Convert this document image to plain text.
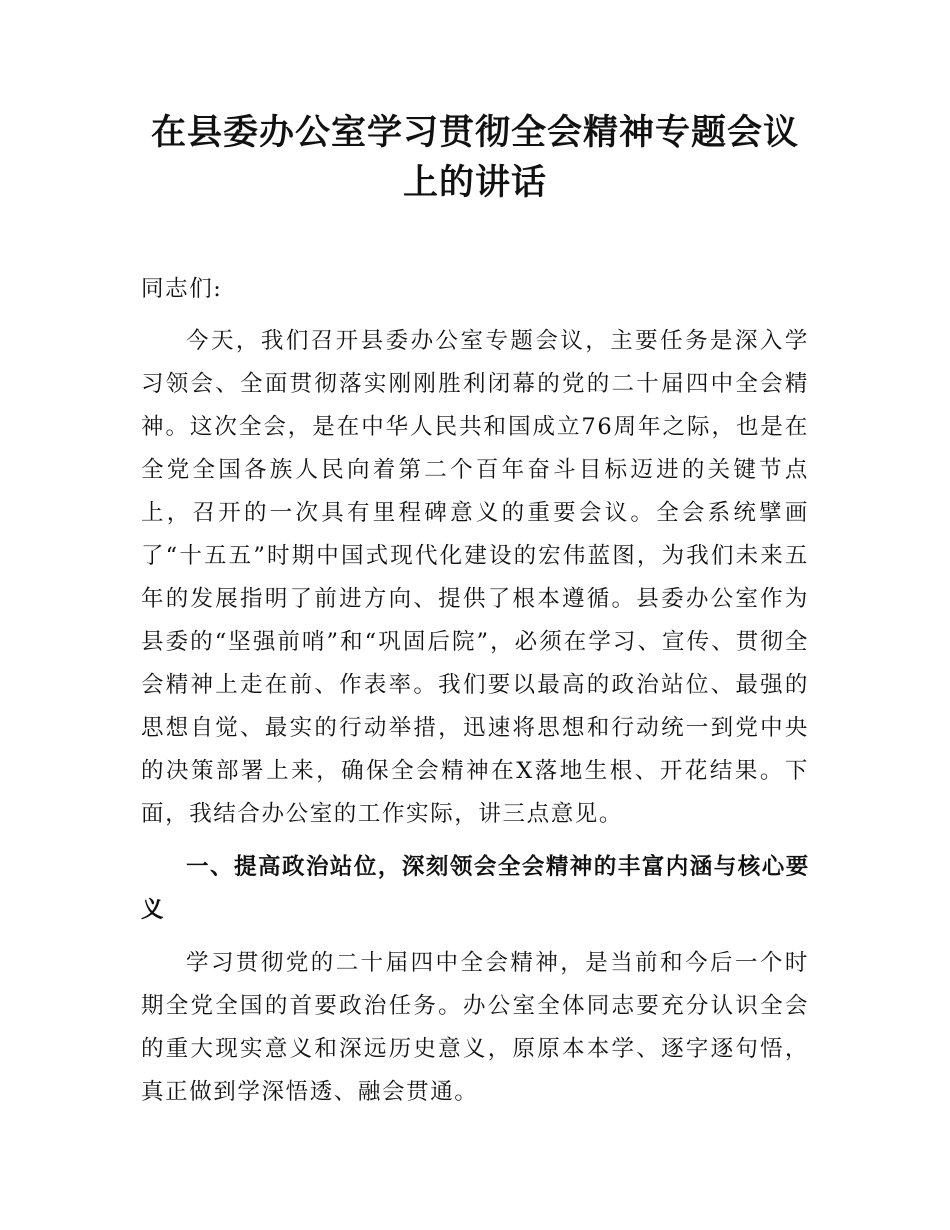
在县委办公室学习贯彻全会精神专题会议上的讲话

同志们:

今天，我们召开县委办公室专题会议，主要任务是深入学习领会、全面贯彻落实刚刚胜利闭幕的党的二十届四中全会精神。这次全会，是在中华人民共和国成立76周年之际，也是在全党全国各族人民向着第二个百年奋斗目标迈进的关键节点上，召开的一次具有里程碑意义的重要会议。全会系统擘画了“十五五”时期中国式现代化建设的宏伟蓝图，为我们未来五年的发展指明了前进方向、提供了根本遵循。县委办公室作为县委的“坚强前哨”和“巩固后院”，必须在学习、宣传、贯彻全会精神上走在前、作表率。我们要以最高的政治站位、最强的思想自觉、最实的行动举措，迅速将思想和行动统一到党中央的决策部署上来，确保全会精神在X落地生根、开花结果。下面，我结合办公室的工作实际，讲三点意见。

一、提高政治站位，深刻领会全会精神的丰富内涵与核心要义

学习贯彻党的二十届四中全会精神，是当前和今后一个时期全党全国的首要政治任务。办公室全体同志要充分认识全会的重大现实意义和深远历史意义，原原本本学、逐字逐句悟，真正做到学深悟透、融会贯通。
